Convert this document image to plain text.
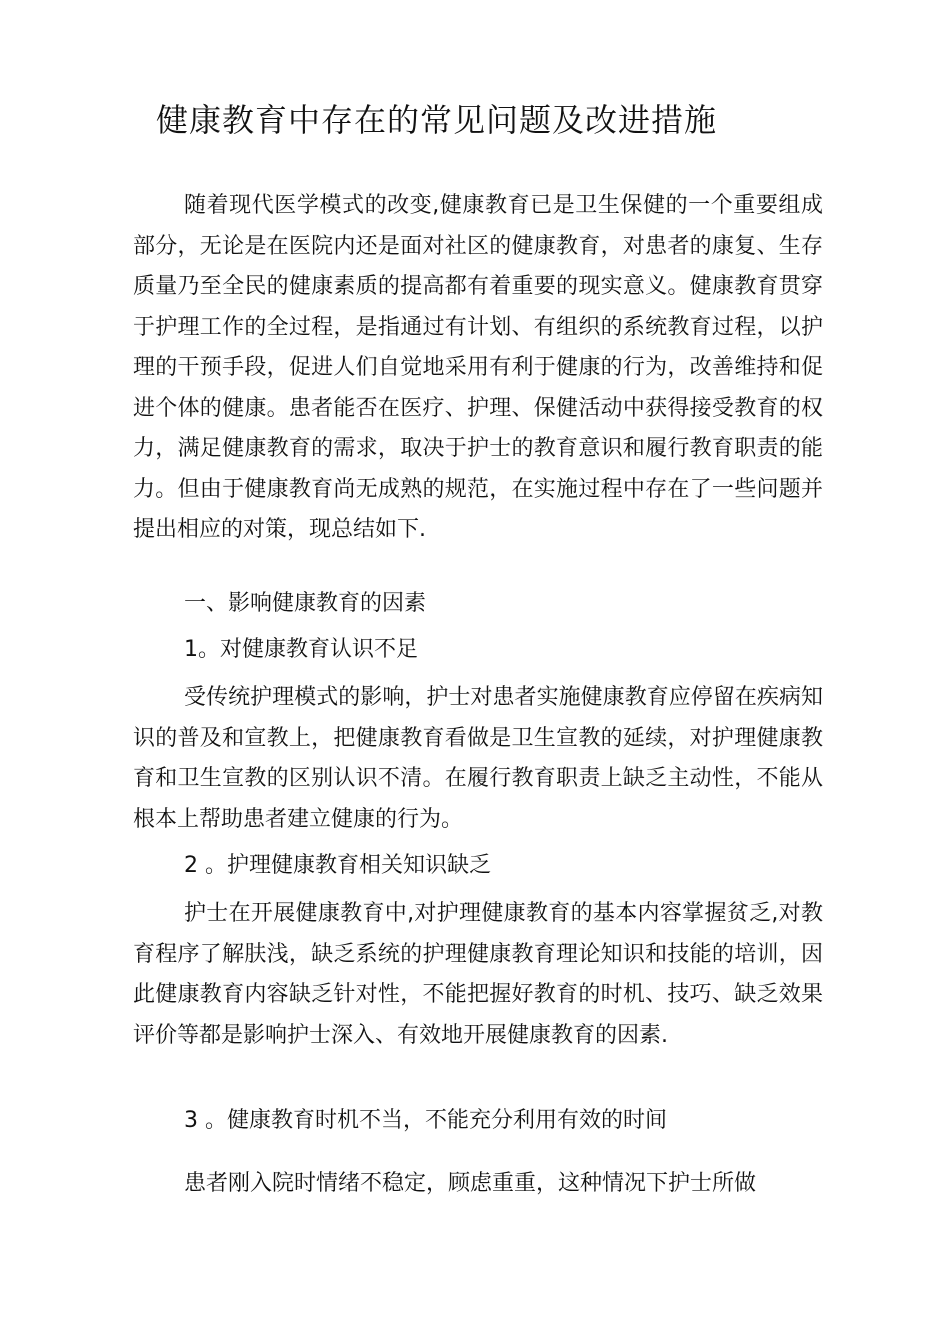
健康教育中存在的常见问题及改进措施

随着现代医学模式的改变,健康教育已是卫生保健的一个重要组成部分，无论是在医院内还是面对社区的健康教育，对患者的康复、生存质量乃至全民的健康素质的提高都有着重要的现实意义。健康教育贯穿于护理工作的全过程，是指通过有计划、有组织的系统教育过程，以护理的干预手段，促进人们自觉地采用有利于健康的行为，改善维持和促进个体的健康。患者能否在医疗、护理、保健活动中获得接受教育的权力，满足健康教育的需求，取决于护士的教育意识和履行教育职责的能力。但由于健康教育尚无成熟的规范，在实施过程中存在了一些问题并提出相应的对策，现总结如下.

一、影响健康教育的因素

1。对健康教育认识不足

受传统护理模式的影响，护士对患者实施健康教育应停留在疾病知识的普及和宣教上，把健康教育看做是卫生宣教的延续，对护理健康教育和卫生宣教的区别认识不清。在履行教育职责上缺乏主动性，不能从根本上帮助患者建立健康的行为。

2 。护理健康教育相关知识缺乏

护士在开展健康教育中,对护理健康教育的基本内容掌握贫乏,对教育程序了解肤浅，缺乏系统的护理健康教育理论知识和技能的培训，因此健康教育内容缺乏针对性，不能把握好教育的时机、技巧、缺乏效果评价等都是影响护士深入、有效地开展健康教育的因素.

3 。健康教育时机不当，不能充分利用有效的时间

患者刚入院时情绪不稳定，顾虑重重，这种情况下护士所做
